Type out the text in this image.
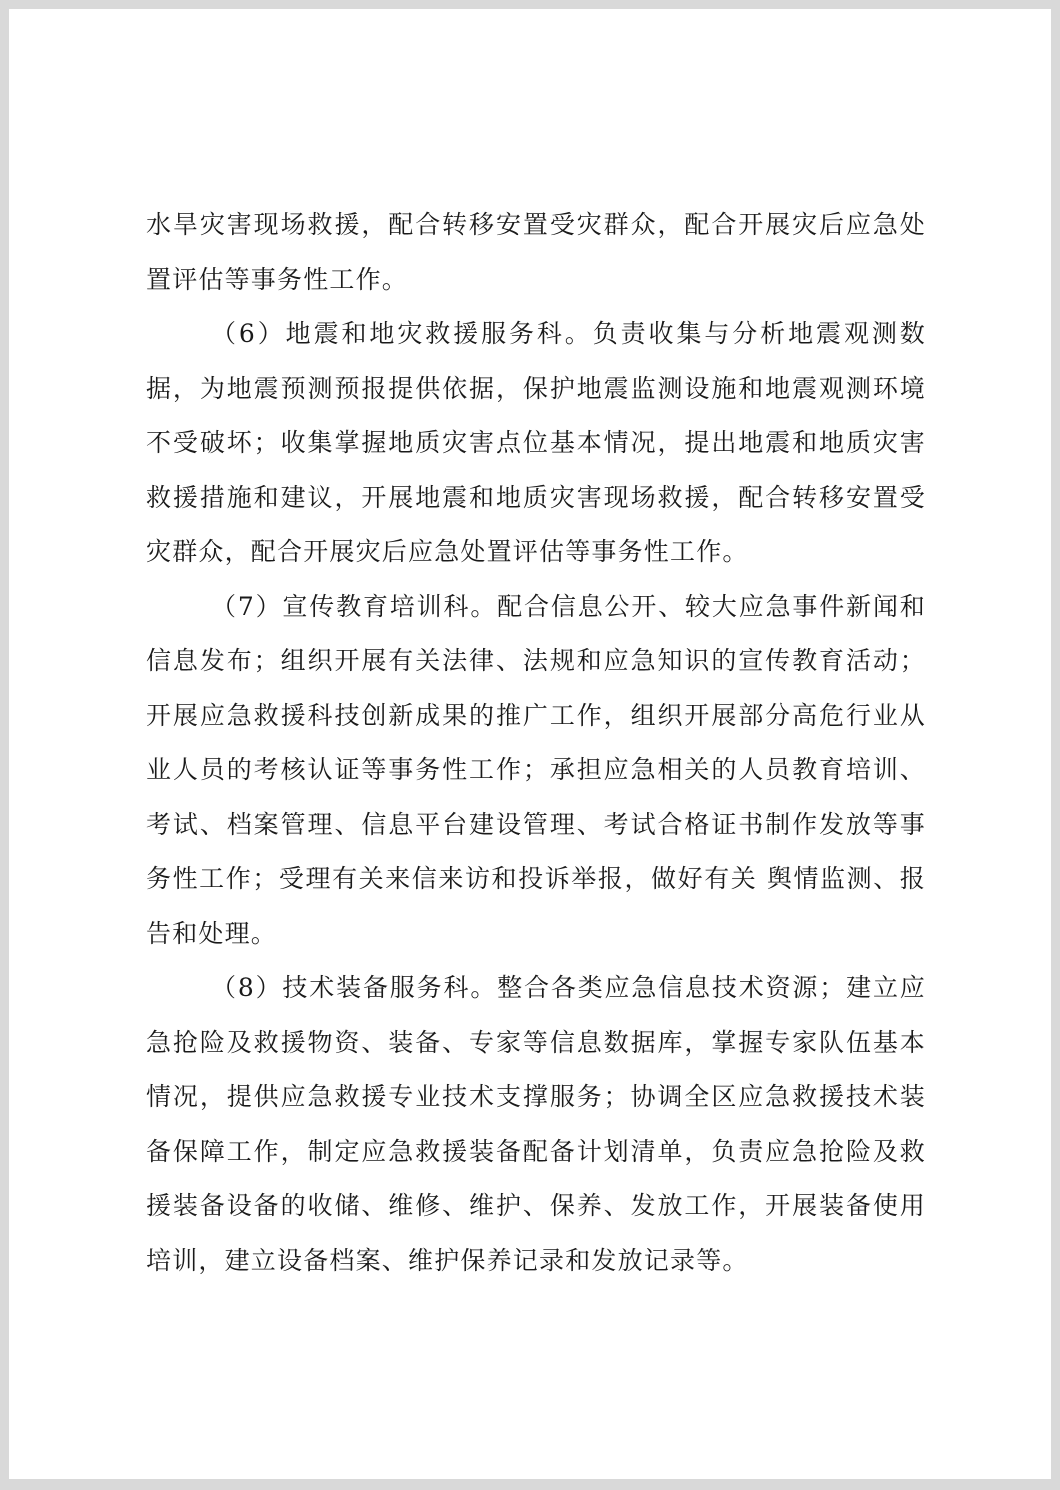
水旱灾害现场救援，配合转移安置受灾群众，配合开展灾后应急处置评估等事务性工作。

（6）地震和地灾救援服务科。负责收集与分析地震观测数据，为地震预测预报提供依据，保护地震监测设施和地震观测环境不受破坏；收集掌握地质灾害点位基本情况，提出地震和地质灾害救援措施和建议，开展地震和地质灾害现场救援，配合转移安置受灾群众，配合开展灾后应急处置评估等事务性工作。

（7）宣传教育培训科。配合信息公开、较大应急事件新闻和信息发布；组织开展有关法律、法规和应急知识的宣传教育活动；开展应急救援科技创新成果的推广工作，组织开展部分高危行业从业人员的考核认证等事务性工作；承担应急相关的人员教育培训、考试、档案管理、信息平台建设管理、考试合格证书制作发放等事务性工作；受理有关来信来访和投诉举报，做好有关 舆情监测、报告和处理。

（8）技术装备服务科。整合各类应急信息技术资源；建立应急抢险及救援物资、装备、专家等信息数据库，掌握专家队伍基本情况，提供应急救援专业技术支撑服务；协调全区应急救援技术装备保障工作，制定应急救援装备配备计划清单，负责应急抢险及救援装备设备的收储、维修、维护、保养、发放工作，开展装备使用培训，建立设备档案、维护保养记录和发放记录等。
